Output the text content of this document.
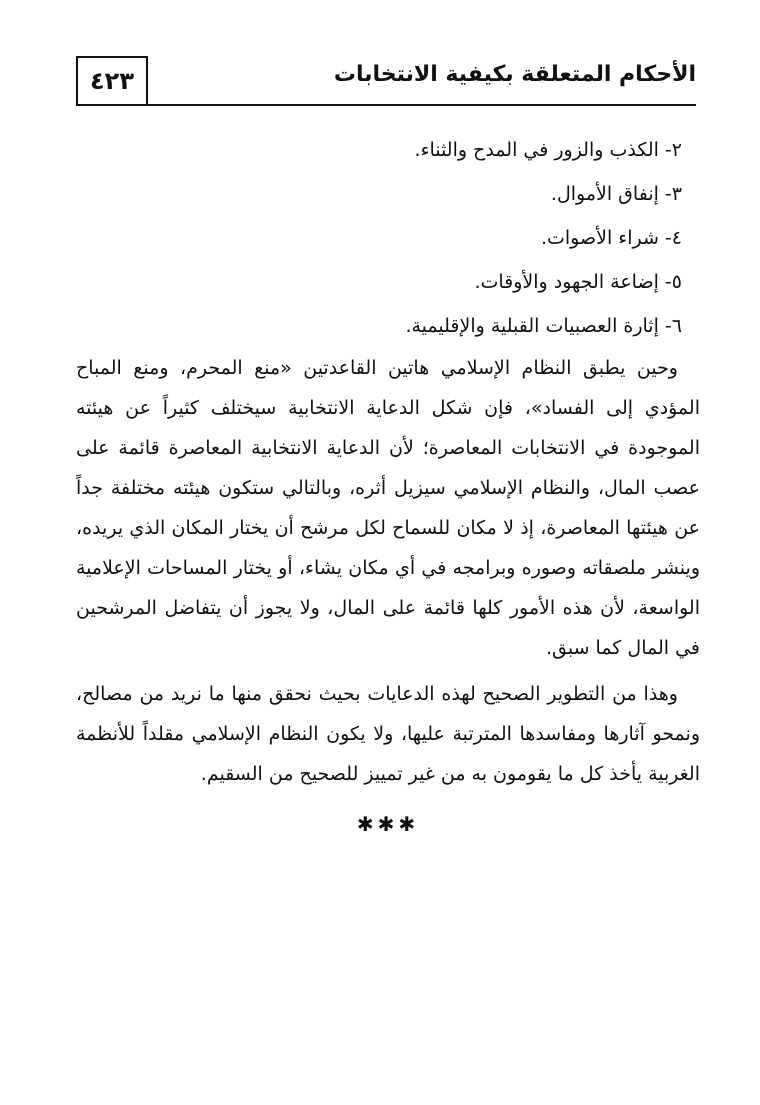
٤٢٣	الأحكام المتعلقة بكيفية الانتخابات
٢- الكذب والزور في المدح والثناء.
٣- إنفاق الأموال.
٤- شراء الأصوات.
٥- إضاعة الجهود والأوقات.
٦- إثارة العصبيات القبلية والإقليمية.

وحين يطبق النظام الإسلامي هاتين القاعدتين «منع المحرم، ومنع المباح المؤدي إلى الفساد»، فإن شكل الدعاية الانتخابية سيختلف كثيراً عن هيئته الموجودة في الانتخابات المعاصرة؛ لأن الدعاية الانتخابية المعاصرة قائمة على عصب المال، والنظام الإسلامي سيزيل أثره، وبالتالي ستكون هيئته مختلفة جداً عن هيئتها المعاصرة، إذ لا مكان للسماح لكل مرشح أن يختار المكان الذي يريده، وينشر ملصقاته وصوره وبرامجه في أي مكان يشاء، أو يختار المساحات الإعلامية الواسعة، لأن هذه الأمور كلها قائمة على المال، ولا يجوز أن يتفاضل المرشحين في المال كما سبق.

وهذا من التطوير الصحيح لهذه الدعايات بحيث نحقق منها ما نريد من مصالح، ونمحو آثارها ومفاسدها المترتبة عليها، ولا يكون النظام الإسلامي مقلداً للأنظمة الغربية يأخذ كل ما يقومون به من غير تمييز للصحيح من السقيم.

✱✱✱
